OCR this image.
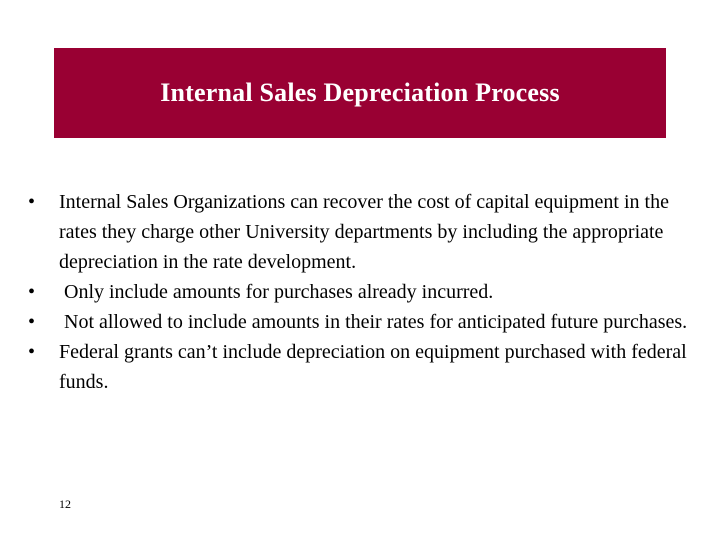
Internal Sales Depreciation Process
•	Internal Sales Organizations can recover the cost of capital equipment in the rates they charge other University departments by including the appropriate depreciation in the rate development.
•	Only include amounts for purchases already incurred.
•	Not allowed to include amounts in their rates for anticipated future purchases.
•	Federal grants can’t include depreciation on equipment purchased with federal funds.
12
